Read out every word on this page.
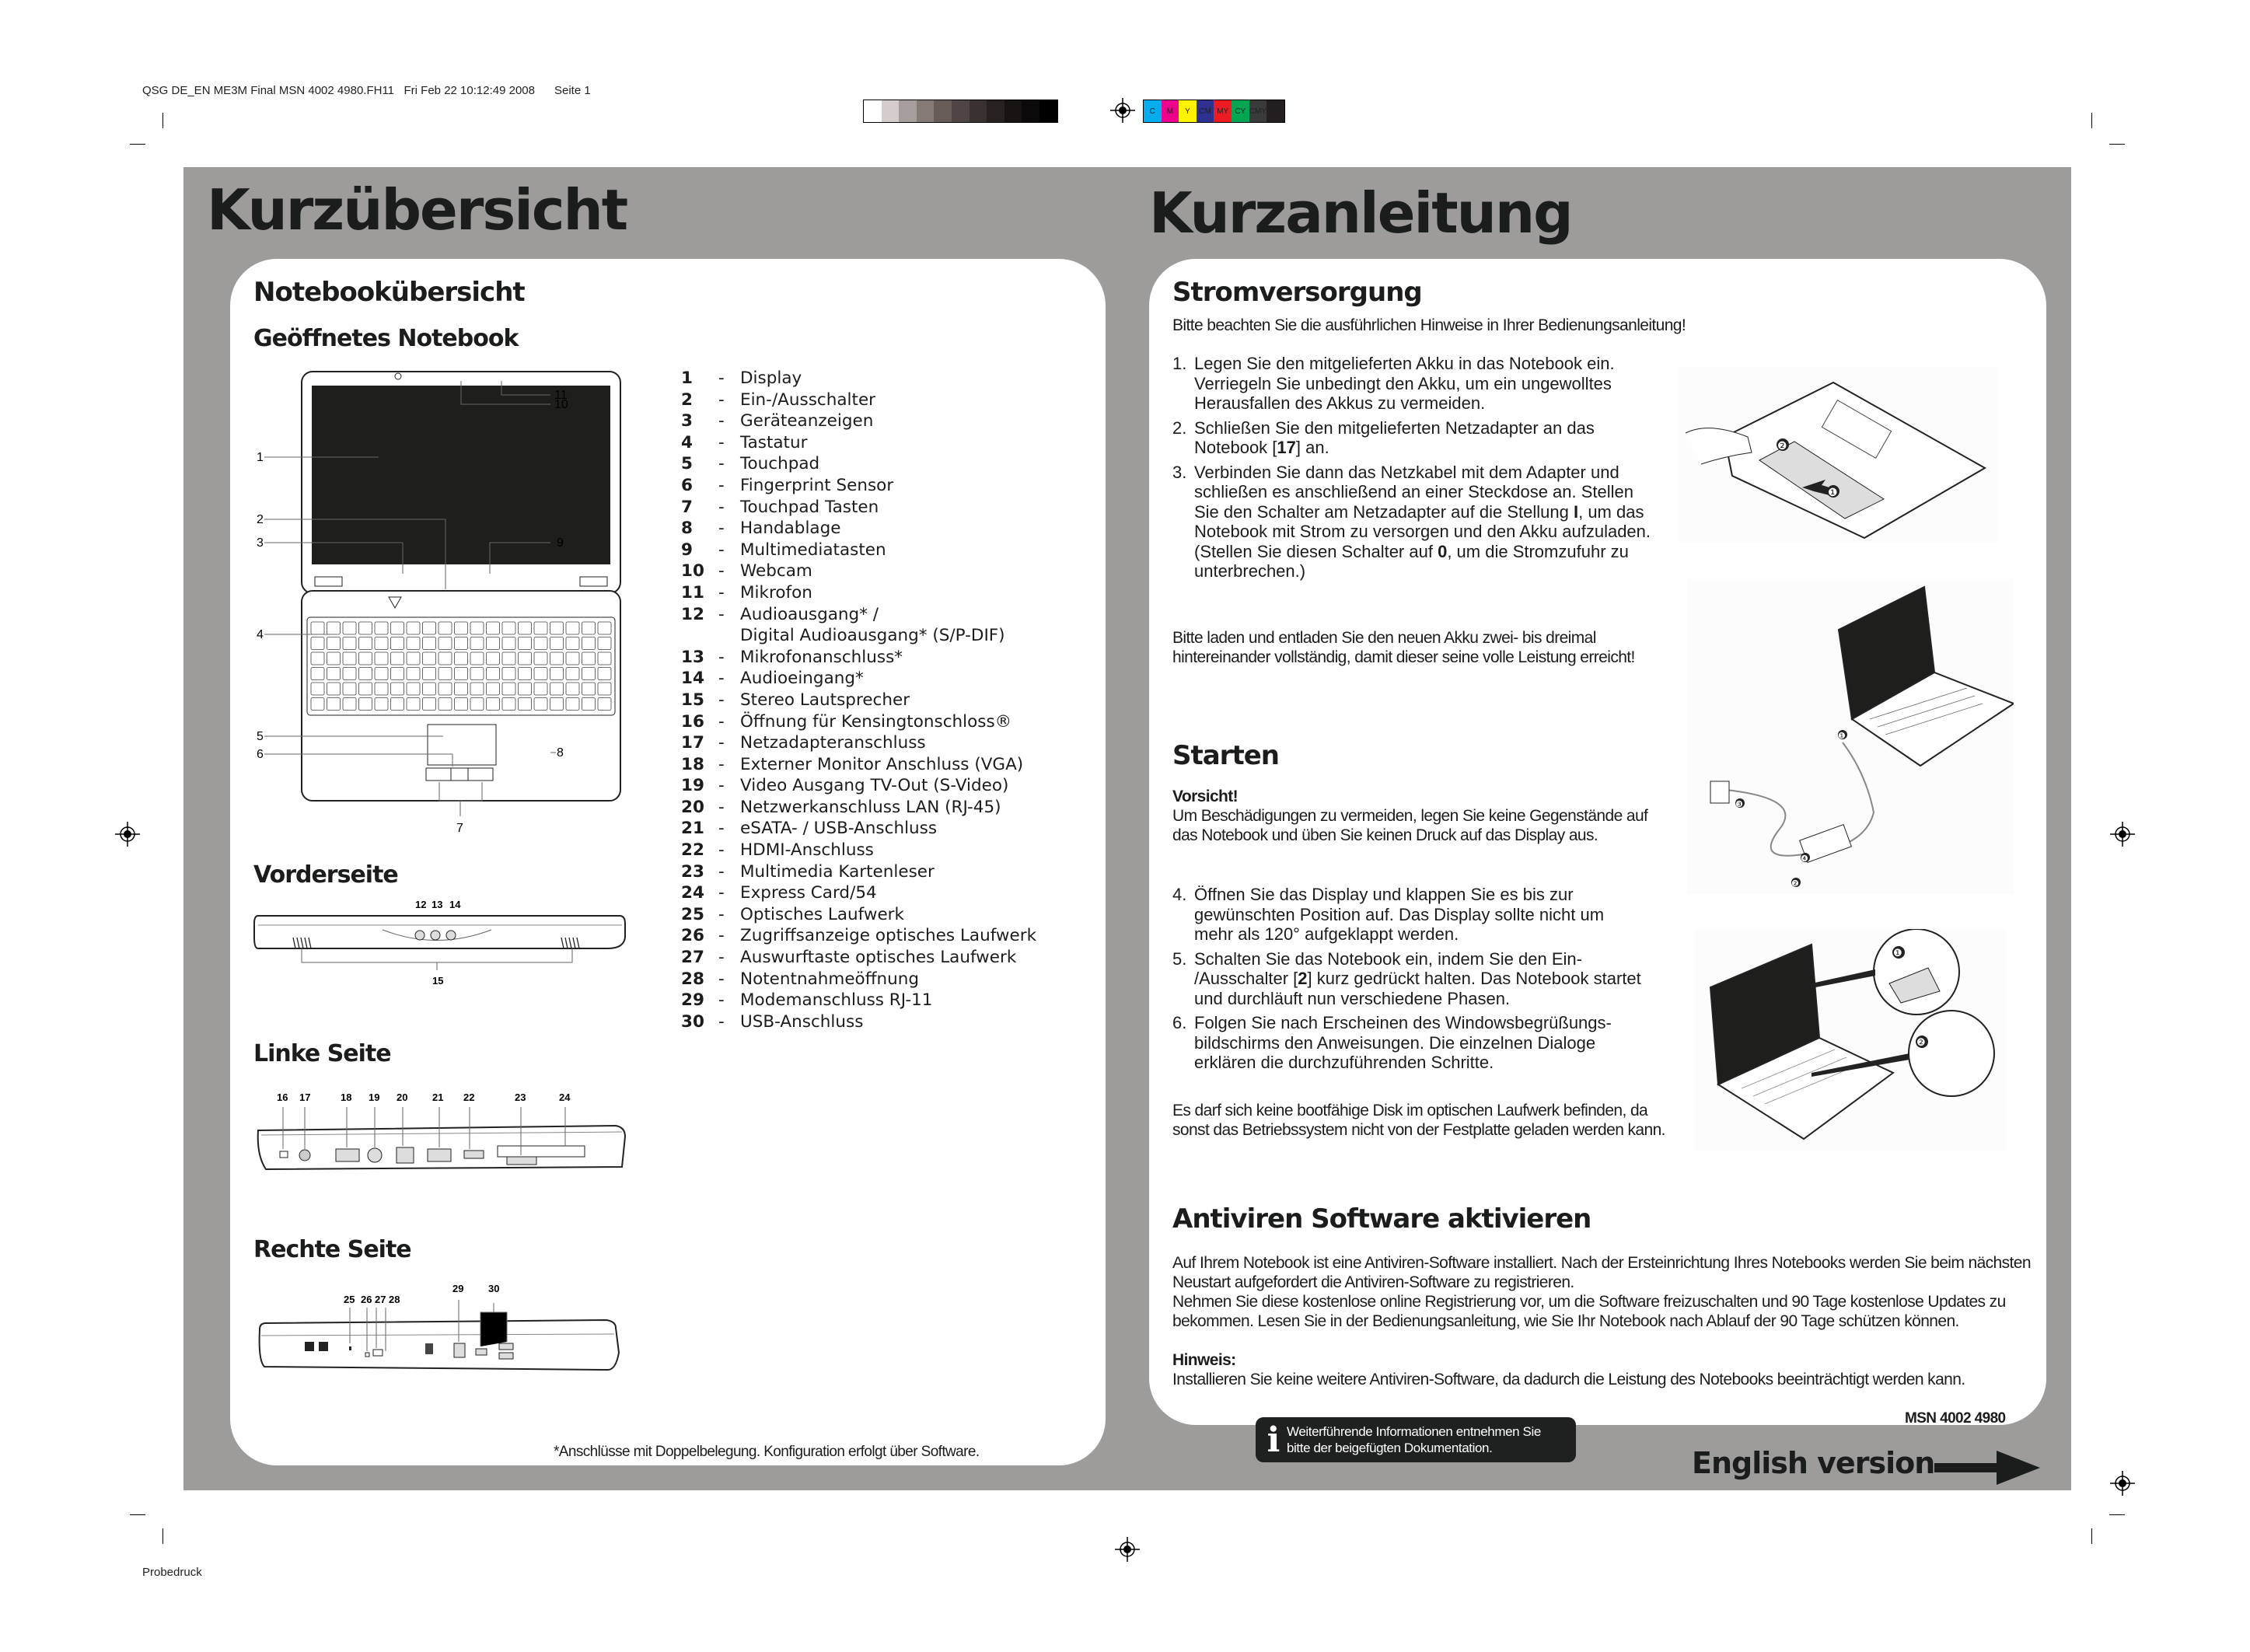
QSG DE_EN ME3M Final MSN 4002 4980.FH11   Fri Feb 22 10:12:49 2008      Seite 1
C	M	Y	CM MY CY CMY K
Probedruck
Kurzübersicht	Kurzanleitung
Notebookübersicht
Geöffnetes Notebook
1
2
3
4
5
6
7
8
9
10
11
1	- Display
2	- Ein-/Ausschalter
3	- Geräteanzeigen
4	- Tastatur
5	- Touchpad
6	- Fingerprint Sensor
7	- Touchpad Tasten
8	- Handablage
9	- Multimediatasten
10 - Webcam
11 - Mikrofon
12 - Audioausgang* /
Digital Audioausgang* (S/P-DIF)
13 - Mikrofonanschluss*
14 - Audioeingang*
15 - Stereo Lautsprecher
16 - Öffnung für Kensingtonschloss®
17 - Netzadapteranschluss
18 - Externer Monitor Anschluss (VGA)
19 - Video Ausgang TV-Out (S-Video)
20 - Netzwerkanschluss LAN (RJ-45)
21 - eSATA- / USB-Anschluss
22 - HDMI-Anschluss
23 - Multimedia Kartenleser
24 - Express Card/54
25 - Optisches Laufwerk
26 - Zugriffsanzeige optisches Laufwerk
27 - Auswurftaste optisches Laufwerk
28 - Notentnahmeöffnung
29 - Modemanschluss RJ-11
30 - USB-Anschluss
Vorderseite
12 13 14
15
Linke Seite
16 17	18 19 20 21 22	23	24
Rechte Seite
25 26 27 28
29 30
*Anschlüsse mit Doppelbelegung. Konfiguration erfolgt über Software.
Stromversorgung
Bitte beachten Sie die ausführlichen Hinweise in Ihrer Bedienungsanleitung!
1. Legen Sie den mitgelieferten Akku in das Notebook ein. Verriegeln Sie unbedingt den Akku, um ein ungewolltes Herausfallen des Akkus zu vermeiden.
2. Schließen Sie den mitgelieferten Netzadapter an das Notebook [17] an.
3. Verbinden Sie dann das Netzkabel mit dem Adapter und schließen es anschließend an einer Steckdose an. Stellen Sie den Schalter am Netzadapter auf die Stellung I, um das Notebook mit Strom zu versorgen und den Akku aufzuladen. (Stellen Sie diesen Schalter auf 0, um die Stromzufuhr zu unterbrechen.)
❶
❷
Bitte laden und entladen Sie den neuen Akku zwei- bis dreimal hintereinander vollständig, damit dieser seine volle Leistung erreicht!
❶
❷
❸
❹
Starten
Vorsicht!
Um Beschädigungen zu vermeiden, legen Sie keine Gegenstände auf das Notebook und üben Sie keinen Druck auf das Display aus.
4. Öffnen Sie das Display und klappen Sie es bis zur gewünschten Position auf. Das Display sollte nicht um mehr als 120° aufgeklappt werden.
5. Schalten Sie das Notebook ein, indem Sie den Ein- /Ausschalter [2] kurz gedrückt halten. Das Notebook startet und durchläuft nun verschiedene Phasen.
6. Folgen Sie nach Erscheinen des Windowsbegrüßungs-bildschirms den Anweisungen. Die einzelnen Dialoge erklären die durchzuführenden Schritte.
❶
❷
Es darf sich keine bootfähige Disk im optischen Laufwerk befinden, da sonst das Betriebssystem nicht von der Festplatte geladen werden kann.
Antiviren Software aktivieren
Auf Ihrem Notebook ist eine Antiviren-Software installiert. Nach der Ersteinrichtung Ihres Notebooks werden Sie beim nächsten Neustart aufgefordert die Antiviren-Software zu registrieren.
Nehmen Sie diese kostenlose online Registrierung vor, um die Software freizuschalten und 90 Tage kostenlose Updates zu bekommen. Lesen Sie in der Bedienungsanleitung, wie Sie Ihr Notebook nach Ablauf der 90 Tage schützen können.
Hinweis:
Installieren Sie keine weitere Antiviren-Software, da dadurch die Leistung des Notebooks beeinträchtigt werden kann.
MSN 4002 4980
i Weiterführende Informationen entnehmen Sie
bitte der beigefügten Dokumentation.	English version
